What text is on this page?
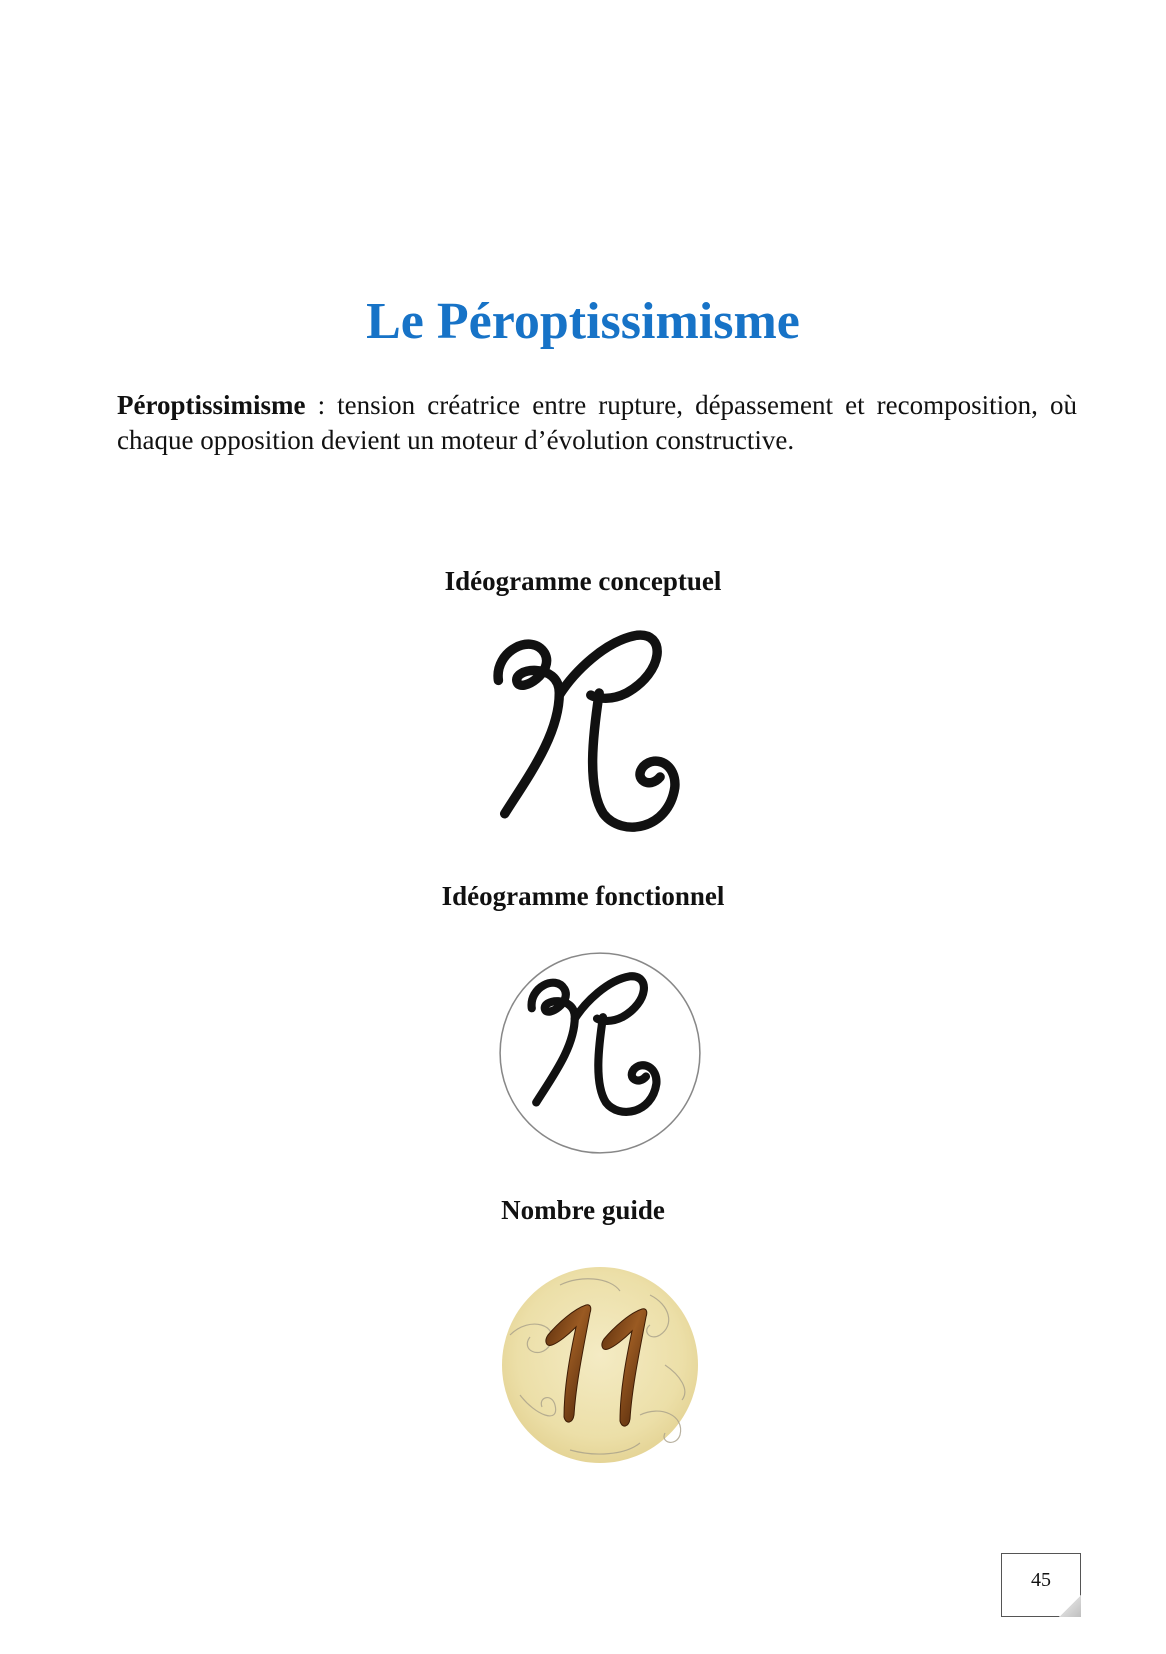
Le Péroptissimisme

Péroptissimisme : tension créatrice entre rupture, dépassement et recomposition, où chaque opposition devient un moteur d’évolution constructive.

Idéogramme conceptuel

Idéogramme fonctionnel

Nombre guide

45
